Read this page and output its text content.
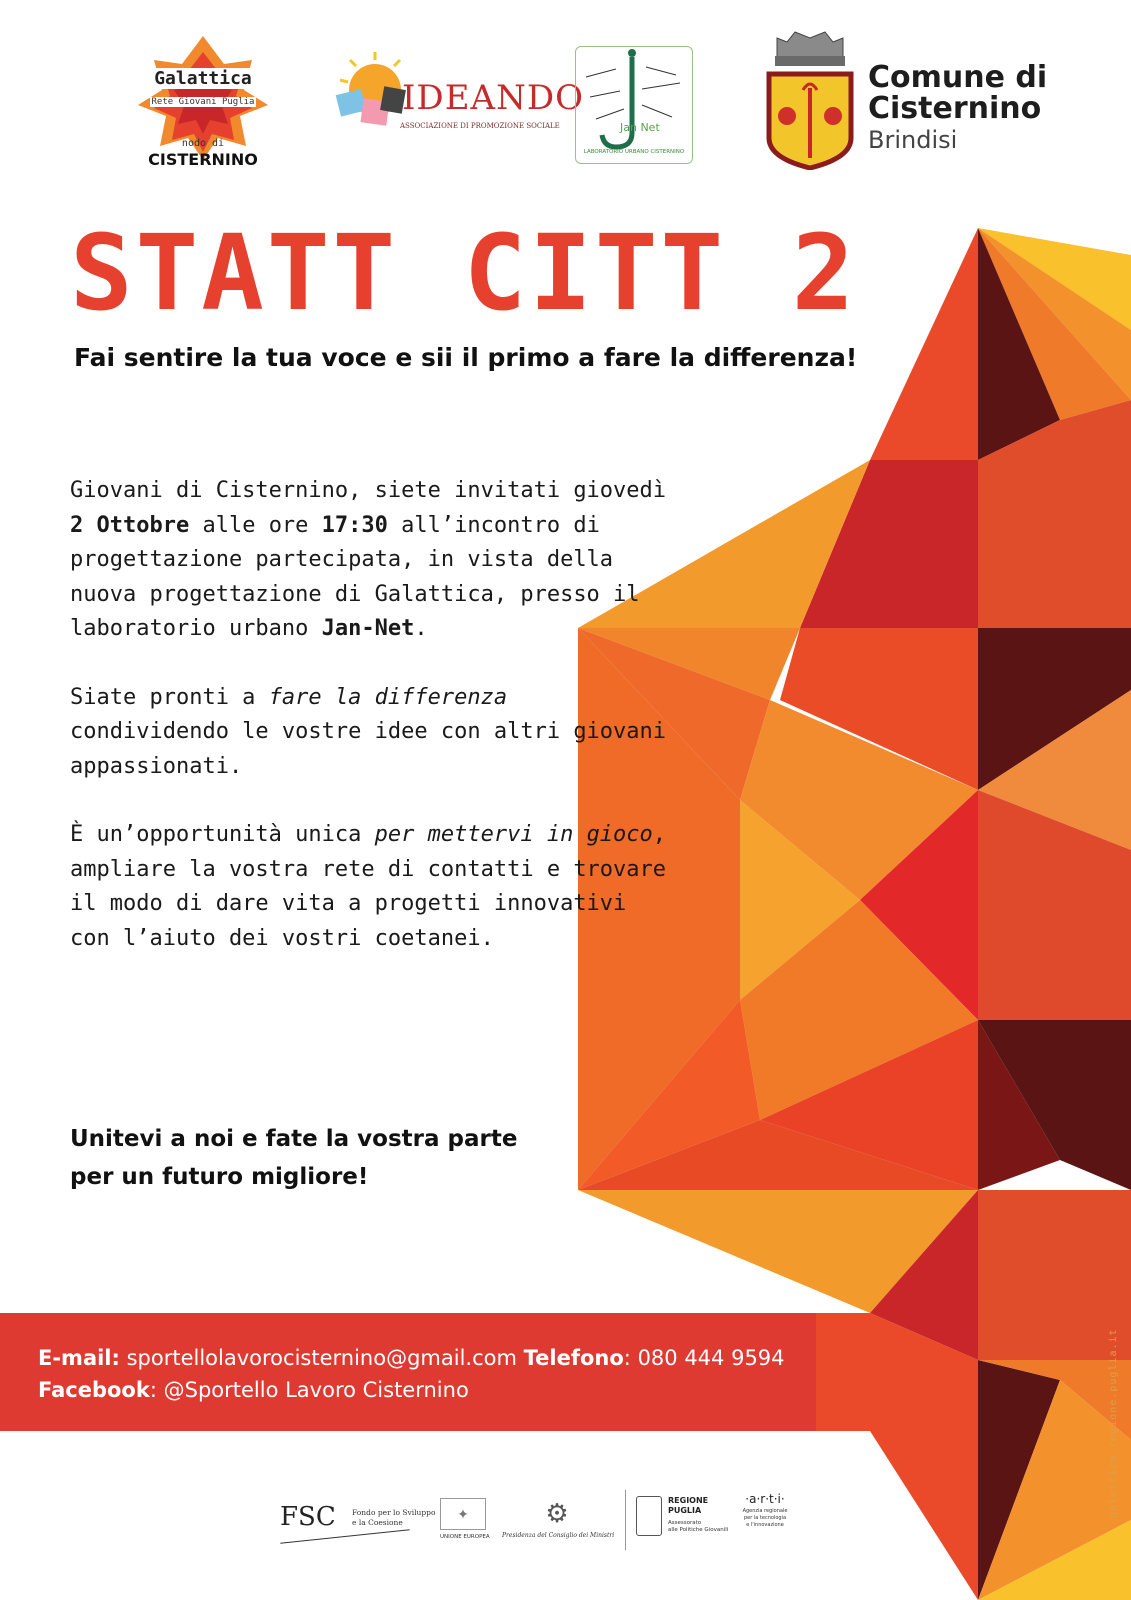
Galattica
Rete Giovani Puglia
nodo di
CISTERNINO
IDEANDO
ASSOCIAZIONE DI PROMOZIONE SOCIALE	Jan Net
LABORATORIO URBANO CISTERNINO
Comune di
Cisternino
Brindisi
STATT CITT 2
Fai sentire la tua voce e sii il primo a fare la differenza!

Giovani di Cisternino, siete invitati giovedì 2 Ottobre alle ore 17:30 all’incontro di progettazione partecipata, in vista della nuova progettazione di Galattica, presso il laboratorio urbano Jan-Net.

Siate pronti a fare la differenza condividendo le vostre idee con altri giovani appassionati.

È un’opportunità unica per mettervi in gioco, ampliare la vostra rete di contatti e trovare il modo di dare vita a progetti innovativi con l’aiuto dei vostri coetanei.

Unitevi a noi e fate la vostra parte
per un futuro migliore!
E-mail: sportellolavorocisternino@gmail.com Telefono: 080 444 9594
Facebook: @Sportello Lavoro Cisternino	galattica.regione.puglia.it
FSC Fondo per lo Sviluppo
e la Coesione
✦
UNIONE EUROPEA
⚙
Presidenza del Consiglio dei Ministri
REGIONE
PUGLIA
Assessorato
alle Politiche Giovanili
·a·r·t·i·
Agenzia regionale
per la tecnologia
e l'innovazione
